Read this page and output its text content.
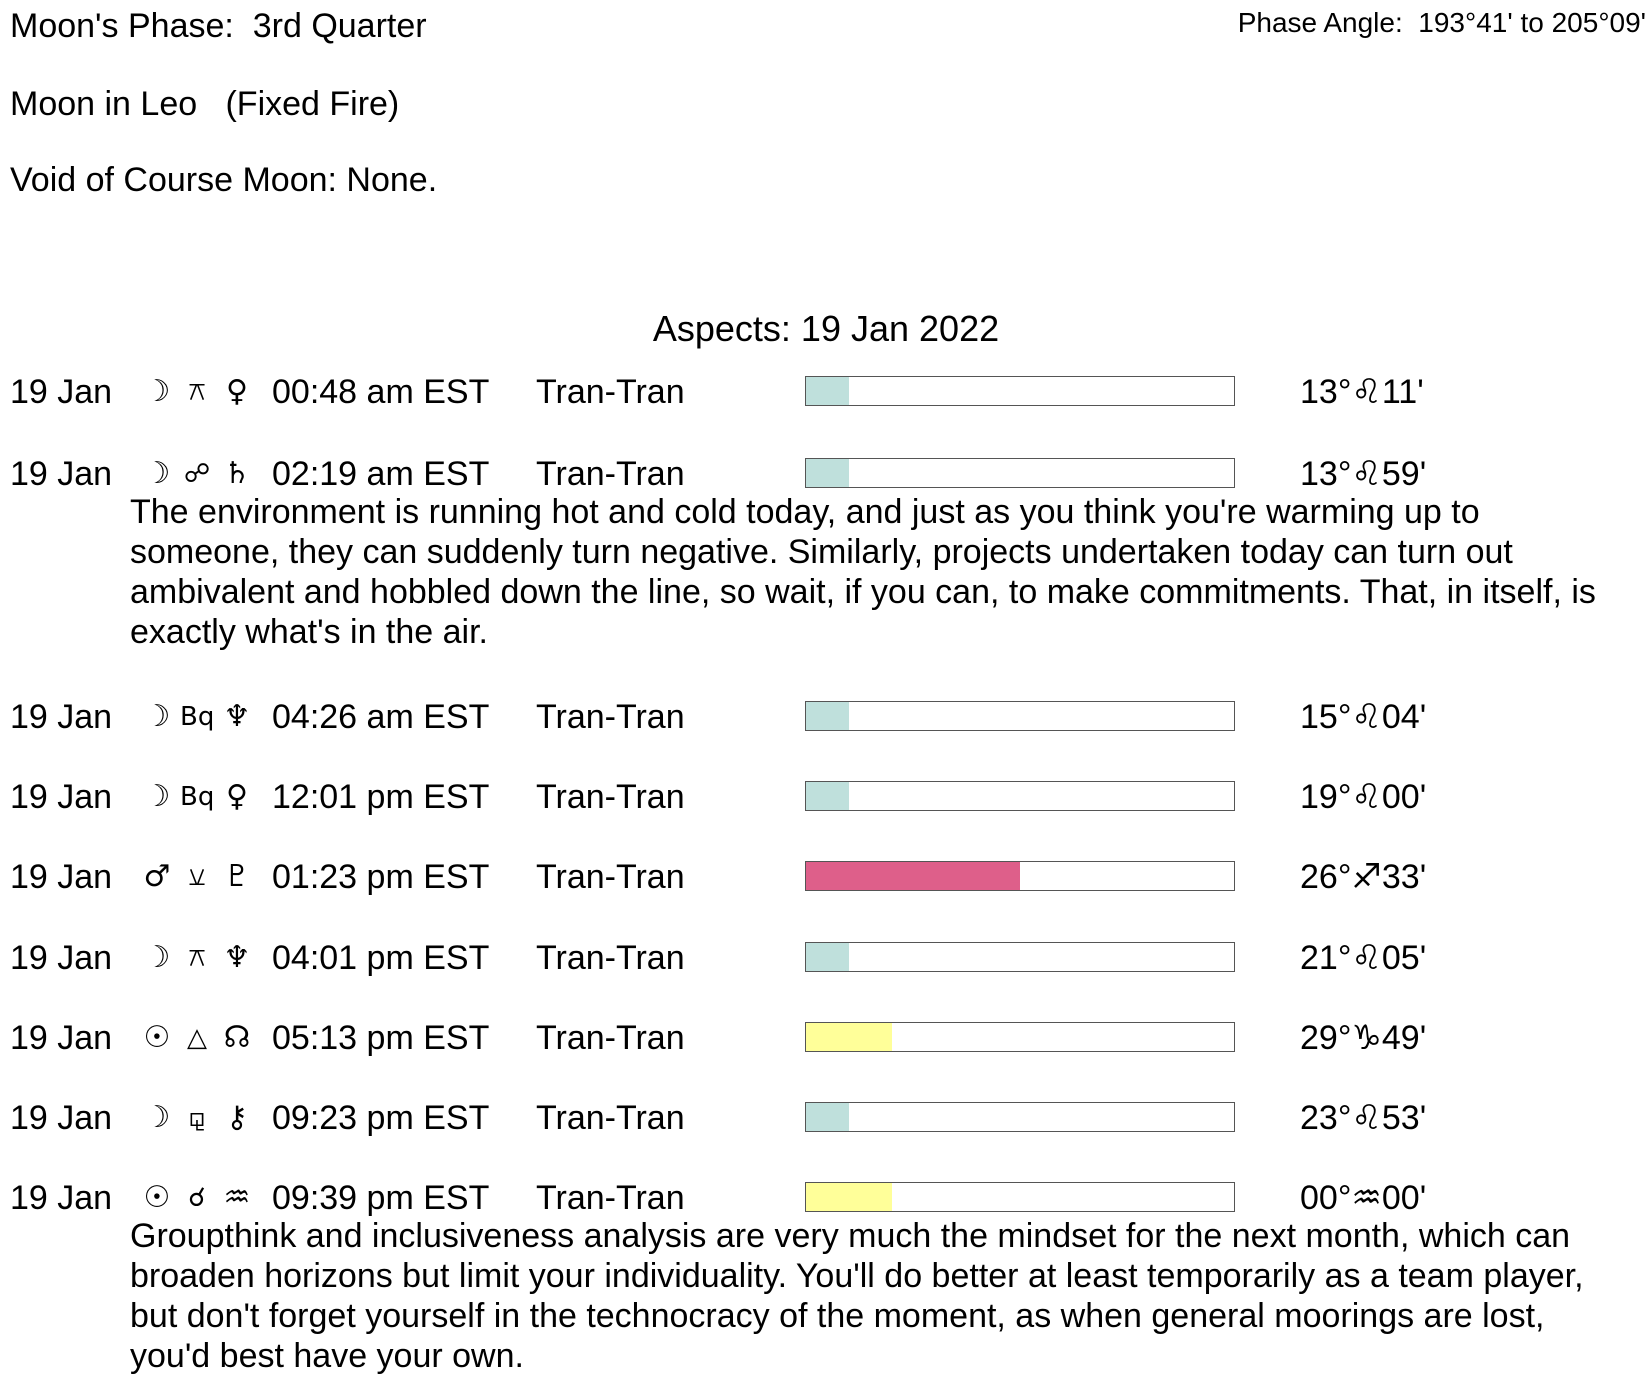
Moon's Phase:  3rd Quarter	Phase Angle:  193°41' to 205°09'
Moon in Leo   (Fixed Fire)
Void of Course Moon: None.
Aspects: 19 Jan 2022
19 Jan ☽ ⚻ ♀ 00:48 am EST Tran-Tran	13°♌11'
19 Jan ☽ ☍ ♄ 02:19 am EST Tran-Tran	13°♌59'
The environment is running hot and cold today, and just as you think you're warming up to someone, they can suddenly turn negative. Similarly, projects undertaken today can turn out ambivalent and hobbled down the line, so wait, if you can, to make commitments. That, in itself, is exactly what's in the air.
19 Jan ☽ Bq ♆ 04:26 am EST Tran-Tran	15°♌04'
19 Jan ☽ Bq ♀ 12:01 pm EST Tran-Tran	19°♌00'
19 Jan ♂ ⚺ ♇ 01:23 pm EST Tran-Tran	26°♐33'
19 Jan ☽ ⚻ ♆ 04:01 pm EST Tran-Tran	21°♌05'
19 Jan ☉ △ ☊ 05:13 pm EST Tran-Tran	29°♑49'
19 Jan ☽ ⚼ ⚷ 09:23 pm EST Tran-Tran	23°♌53'
19 Jan ☉ ☌ ♒ 09:39 pm EST Tran-Tran	00°♒00'
Groupthink and inclusiveness analysis are very much the mindset for the next month, which can broaden horizons but limit your individuality. You'll do better at least temporarily as a team player, but don't forget yourself in the technocracy of the moment, as when general moorings are lost, you'd best have your own.
